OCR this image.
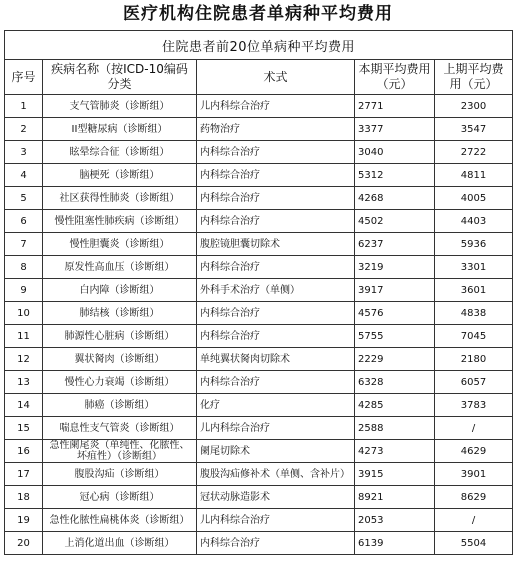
医疗机构住院患者单病种平均费用
住院患者前20位单病种平均费用				
序号	疾病名称（按ICD-10编码分类	术式	本期平均费用（元）	上期平均费用（元）
1	支气管肺炎（诊断组）	儿内科综合治疗	2771	2300
2	II型糖尿病（诊断组）	药物治疗	3377	3547
3	眩晕综合征（诊断组）	内科综合治疗	3040	2722
4	脑梗死（诊断组）	内科综合治疗	5312	4811
5	社区获得性肺炎（诊断组）	内科综合治疗	4268	4005
6	慢性阻塞性肺疾病（诊断组）	内科综合治疗	4502	4403
7	慢性胆囊炎（诊断组）	腹腔镜胆囊切除术	6237	5936
8	原发性高血压（诊断组）	内科综合治疗	3219	3301
9	白内障（诊断组）	外科手术治疗（单侧）	3917	3601
10	肺结核（诊断组）	内科综合治疗	4576	4838
11	肺源性心脏病（诊断组）	内科综合治疗	5755	7045
12	翼状胬肉（诊断组）	单纯翼状胬肉切除术	2229	2180
13	慢性心力衰竭（诊断组）	内科综合治疗	6328	6057
14	肺癌（诊断组）	化疗	4285	3783
15	喘息性支气管炎（诊断组）	儿内科综合治疗	2588	/
16	急性阑尾炎（单纯性、化脓性、坏疽性）（诊断组）	阑尾切除术	4273	4629
17	腹股沟疝（诊断组）	腹股沟疝修补术（单侧、含补片）	3915	3901
18	冠心病（诊断组）	冠状动脉造影术	8921	8629
19	急性化脓性扁桃体炎（诊断组）	儿内科综合治疗	2053	/
20	上消化道出血（诊断组）	内科综合治疗	6139	5504
